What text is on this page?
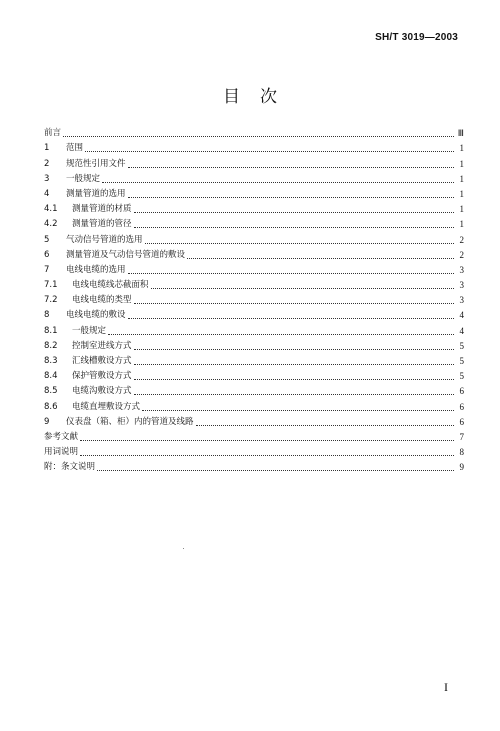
SH/T 3019—2003
目次
前言	Ⅲ
1	范围	1
2	规范性引用文件	1
3	一般规定	1
4	测量管道的选用	1
4.1	测量管道的材质	1
4.2	测量管道的管径	1
5	气动信号管道的选用	2
6	测量管道及气动信号管道的敷设	2
7	电线电缆的选用	3
7.1	电线电缆线芯截面积	3
7.2	电线电缆的类型	3
8	电线电缆的敷设	4
8.1	一般规定	4
8.2	控制室进线方式	5
8.3	汇线槽敷设方式	5
8.4	保护管敷设方式	5
8.5	电缆沟敷设方式	6
8.6	电缆直埋敷设方式	6
9	仪表盘（箱、柜）内的管道及线路	6
参考文献	7
用词说明	8
附：条文说明	9
I
